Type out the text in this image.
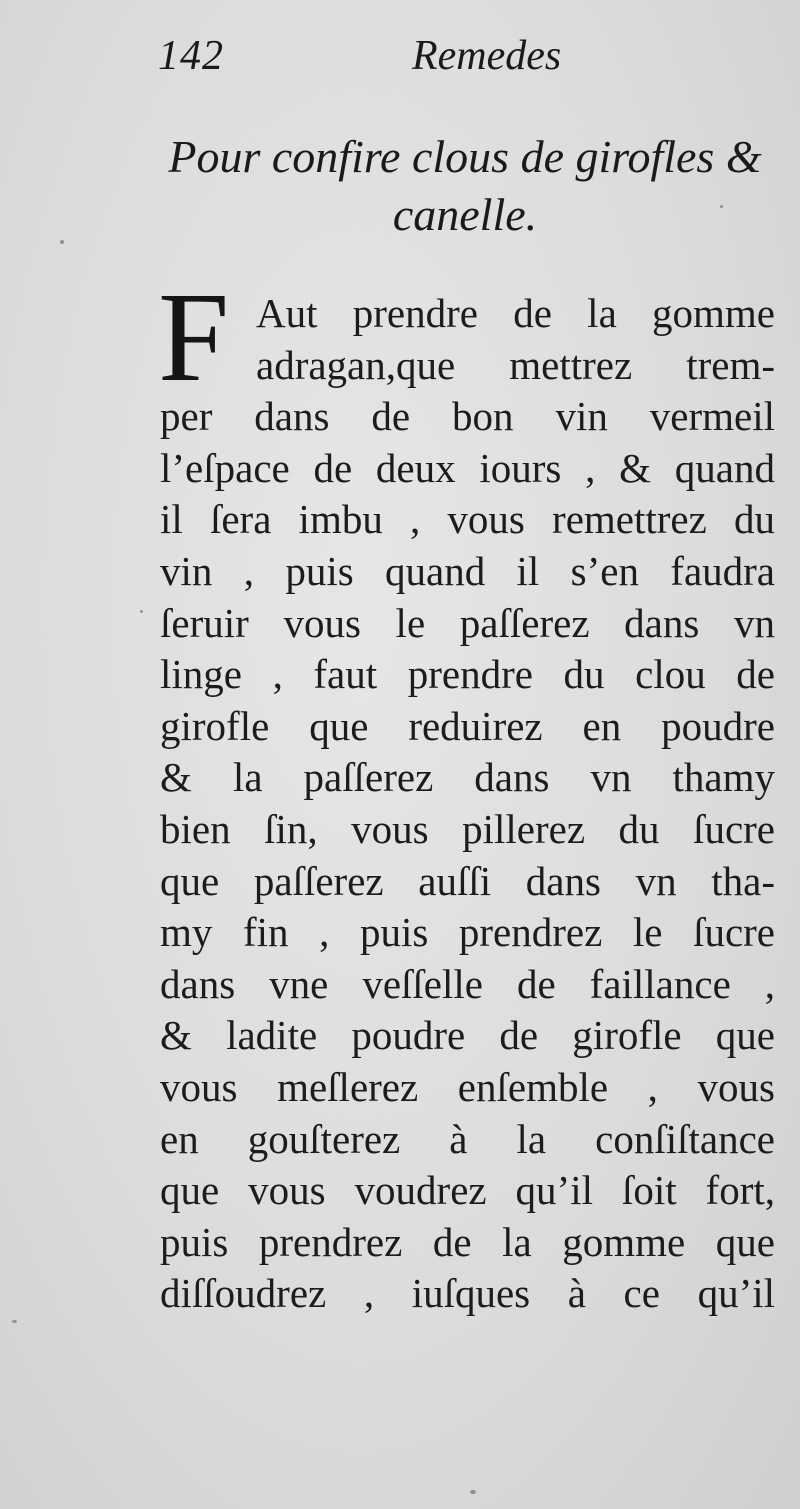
142	Remedes
Pour confire clous de girofles &
canelle.
F Aut prendre de la gomme
adragan,que mettrez trem-
per dans de bon vin vermeil
l’eſpace de deux iours , & quand
il ſera imbu , vous remettrez du
vin , puis quand il s’en faudra
ſeruir vous le paſſerez dans vn
linge , faut prendre du clou de
girofle que reduirez en poudre
& la paſſerez dans vn thamy
bien ſin, vous pillerez du ſucre
que paſſerez auſſi dans vn tha-
my fin , puis prendrez le ſucre
dans vne veſſelle de faillance ,
& ladite poudre de girofle que
vous meſlerez enſemble , vous
en gouſterez à la conſiſtance
que vous voudrez qu’il ſoit fort,
puis prendrez de la gomme que
diſſoudrez , iuſques à ce qu’il
